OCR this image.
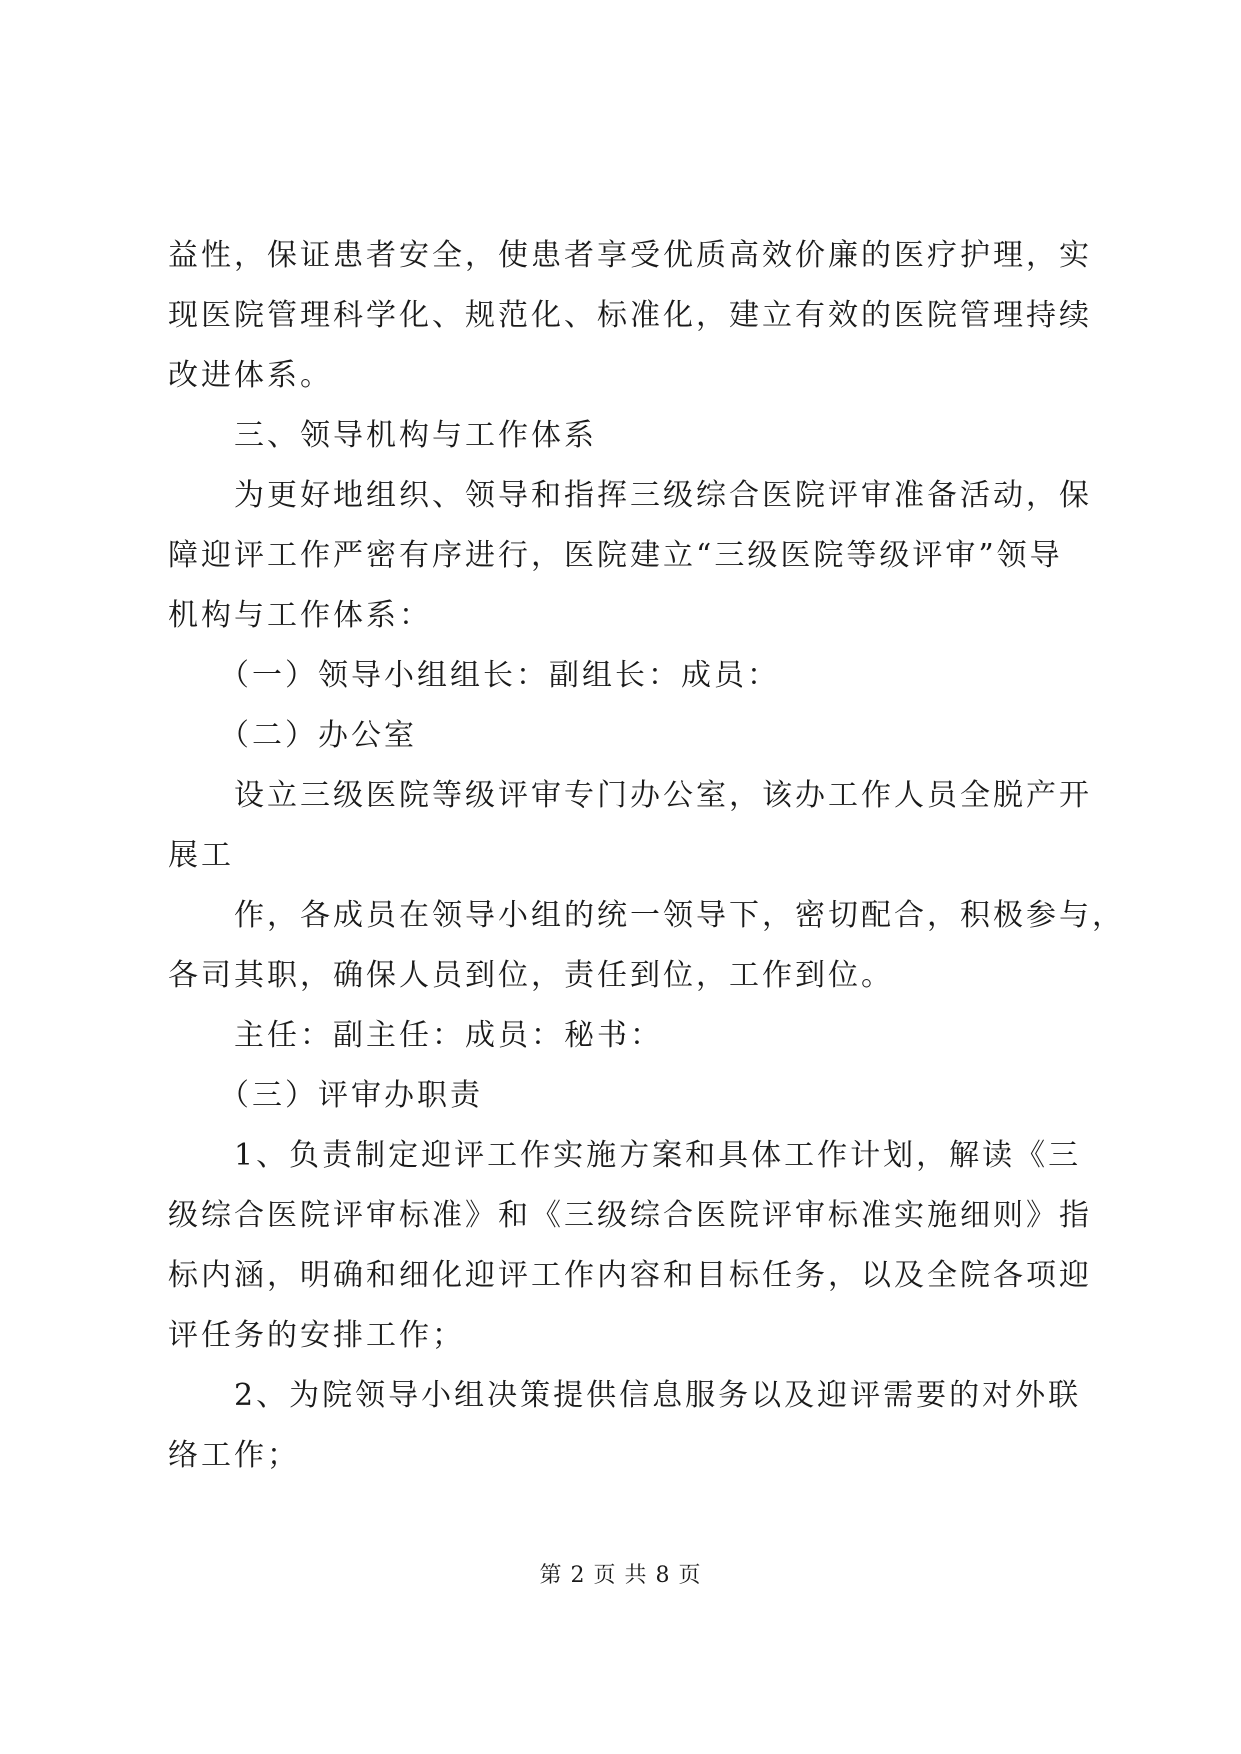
益性，保证患者安全，使患者享受优质高效价廉的医疗护理，实
现医院管理科学化、规范化、标准化，建立有效的医院管理持续
改进体系。
　　三、领导机构与工作体系
　　为更好地组织、领导和指挥三级综合医院评审准备活动，保
障迎评工作严密有序进行，医院建立“三级医院等级评审”领导
机构与工作体系：
　　（一）领导小组组长：副组长：成员：
　　（二）办公室
　　设立三级医院等级评审专门办公室，该办工作人员全脱产开
展工
　　作，各成员在领导小组的统一领导下，密切配合，积极参与，
各司其职，确保人员到位，责任到位，工作到位。
　　主任：副主任：成员：秘书：
　　（三）评审办职责
　　1、负责制定迎评工作实施方案和具体工作计划，解读《三
级综合医院评审标准》和《三级综合医院评审标准实施细则》指
标内涵，明确和细化迎评工作内容和目标任务，以及全院各项迎
评任务的安排工作；
　　2、为院领导小组决策提供信息服务以及迎评需要的对外联
络工作；
第 2 页 共 8 页
